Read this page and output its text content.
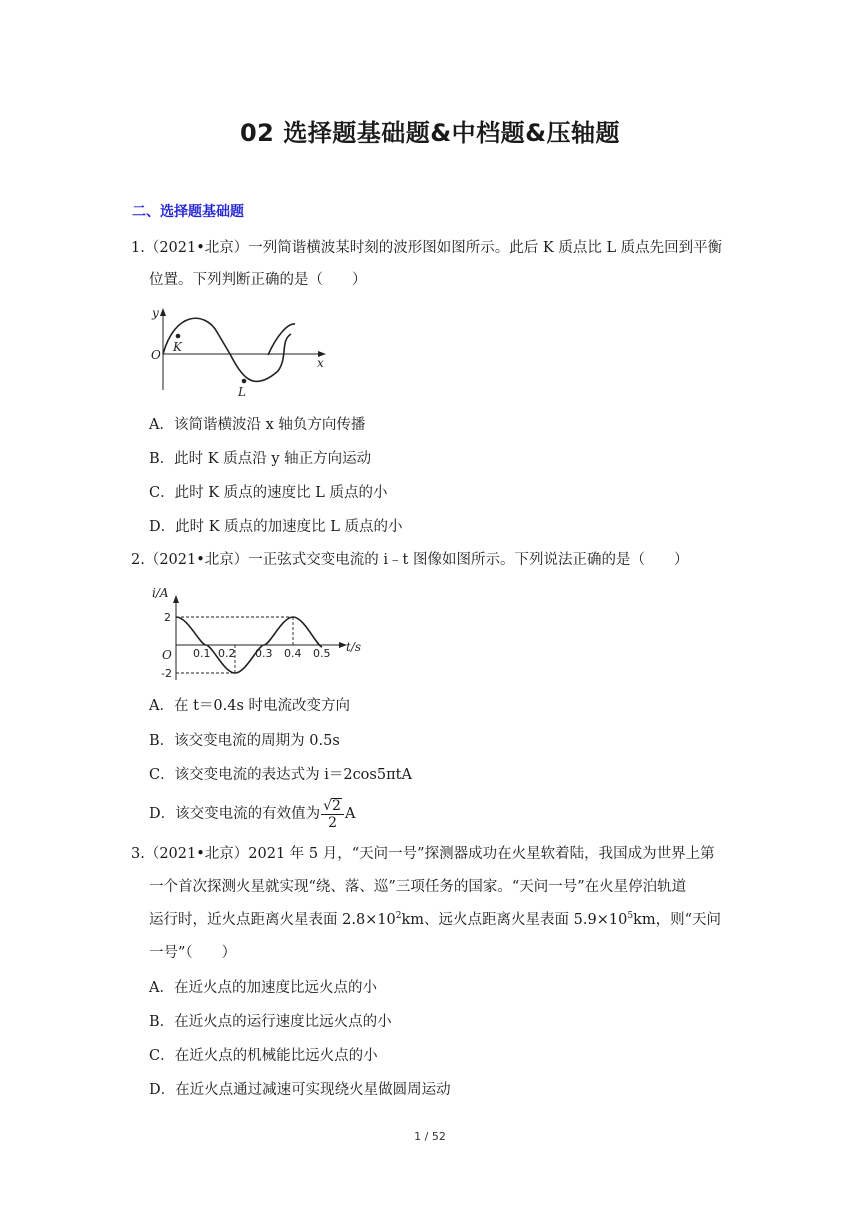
02 选择题基础题&中档题&压轴题
二、选择题基础题
1.（2021•北京）一列简谐横波某时刻的波形图如图所示。此后 K 质点比 L 质点先回到平衡
位置。下列判断正确的是（　　）
y
x
O
K
L
A．该简谐横波沿 x 轴负方向传播
B．此时 K 质点沿 y 轴正方向运动
C．此时 K 质点的速度比 L 质点的小
D．此时 K 质点的加速度比 L 质点的小
2.（2021•北京）一正弦式交变电流的 i﹣t 图像如图所示。下列说法正确的是（　　）
i/A
t/s
O
2
-2
0.1 0.2 0.3 0.4 0.5
A．在 t＝0.4s 时电流改变方向
B．该交变电流的周期为 0.5s
C．该交变电流的表达式为 i＝2cos5πtA
D．该交变电流的有效值为 $\frac{√2}{2}$ A
3.（2021•北京）2021 年 5 月，“天问一号”探测器成功在火星软着陆，我国成为世界上第
一个首次探测火星就实现“绕、落、巡”三项任务的国家。“天问一号”在火星停泊轨道
运行时，近火点距离火星表面 $2.8\times 10^2km$、远火点距离火星表面 $5.9\times 10^5km$，则“天问
一号”（　　）
A．在近火点的加速度比远火点的小
B．在近火点的运行速度比远火点的小
C．在近火点的机械能比远火点的小
D．在近火点通过减速可实现绕火星做圆周运动
1 / 52
